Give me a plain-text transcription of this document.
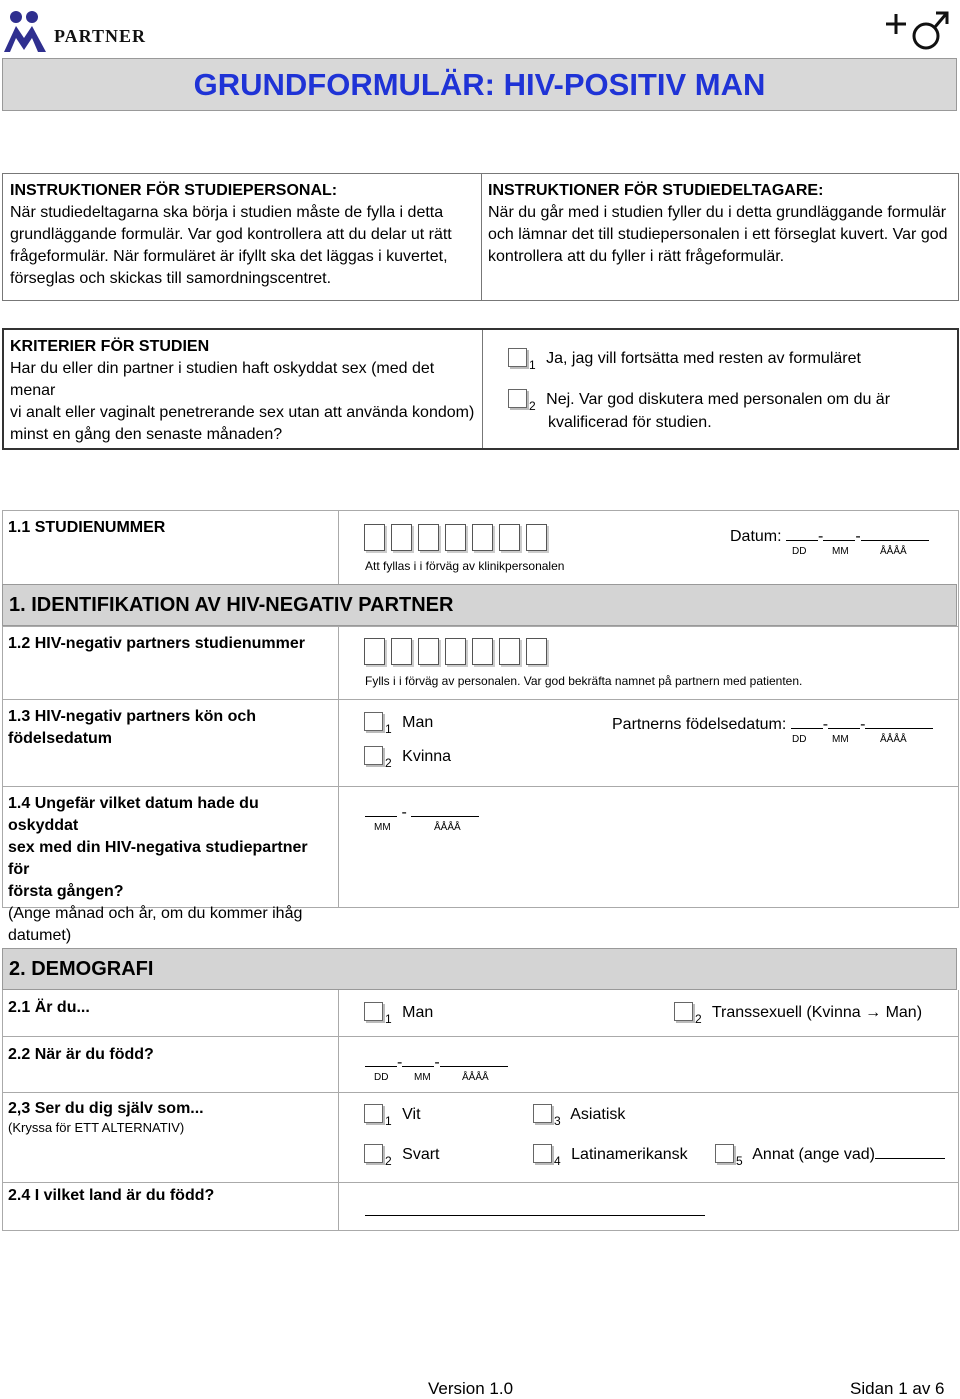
PARTNER
GRUNDFORMULÄR: HIV-POSITIV MAN
INSTRUKTIONER FÖR STUDIEPERSONAL:
När studiedeltagarna ska börja i studien måste de fylla i detta
grundläggande formulär. Var god kontrollera att du delar ut rätt
frågeformulär. När formuläret är ifyllt ska det läggas i kuvertet,
förseglas och skickas till samordningscentret.
INSTRUKTIONER FÖR STUDIEDELTAGARE:
När du går med i studien fyller du i detta grundläggande formulär
och lämnar det till studiepersonalen i ett förseglat kuvert. Var god
kontrollera att du fyller i rätt frågeformulär.
KRITERIER FÖR STUDIEN
Har du eller din partner i studien haft oskyddat sex (med det menar
vi analt eller vaginalt penetrerande sex utan att använda kondom)
minst en gång den senaste månaden?
$_1$ Ja, jag vill fortsätta med resten av formuläret
$_2$ Nej. Var god diskutera med personalen om du är
kvalificerad för studien.
1.1 STUDIENUMMER
Att fyllas i i förväg av klinikpersonalen
Datum: - -
DD	MM	ÅÅÅÅ
1. IDENTIFIKATION AV HIV-NEGATIV PARTNER
1.2 HIV-negativ partners studienummer
Fylls i i förväg av personalen. Var god bekräfta namnet på partnern med patienten.
1.3 HIV-negativ partners kön och
födelsedatum
$_1$ Man
$_2$ Kvinna
Partnerns födelsedatum: - -
DD	MM	ÅÅÅÅ
1.4 Ungefär vilket datum hade du oskyddat
sex med din HIV-negativa studiepartner för
första gången?
(Ange månad och år, om du kommer ihåg
datumet)
-
MM	ÅÅÅÅ
2. DEMOGRAFI
2.1 Är du...
$_1$ Man	$_2$ Transsexuell (Kvinna → Man)
2.2 När är du född?	- -
DD	MM	ÅÅÅÅ
2,3 Ser du dig själv som...
(Kryssa för ETT ALTERNATIV)	$_1$ Vit	$_3$ Asiatisk
$_2$ Svart	$_4$ Latinamerikansk	$_5$ Annat (ange vad)
2.4 I vilket land är du född?
Version 1.0	Sidan 1 av 6
